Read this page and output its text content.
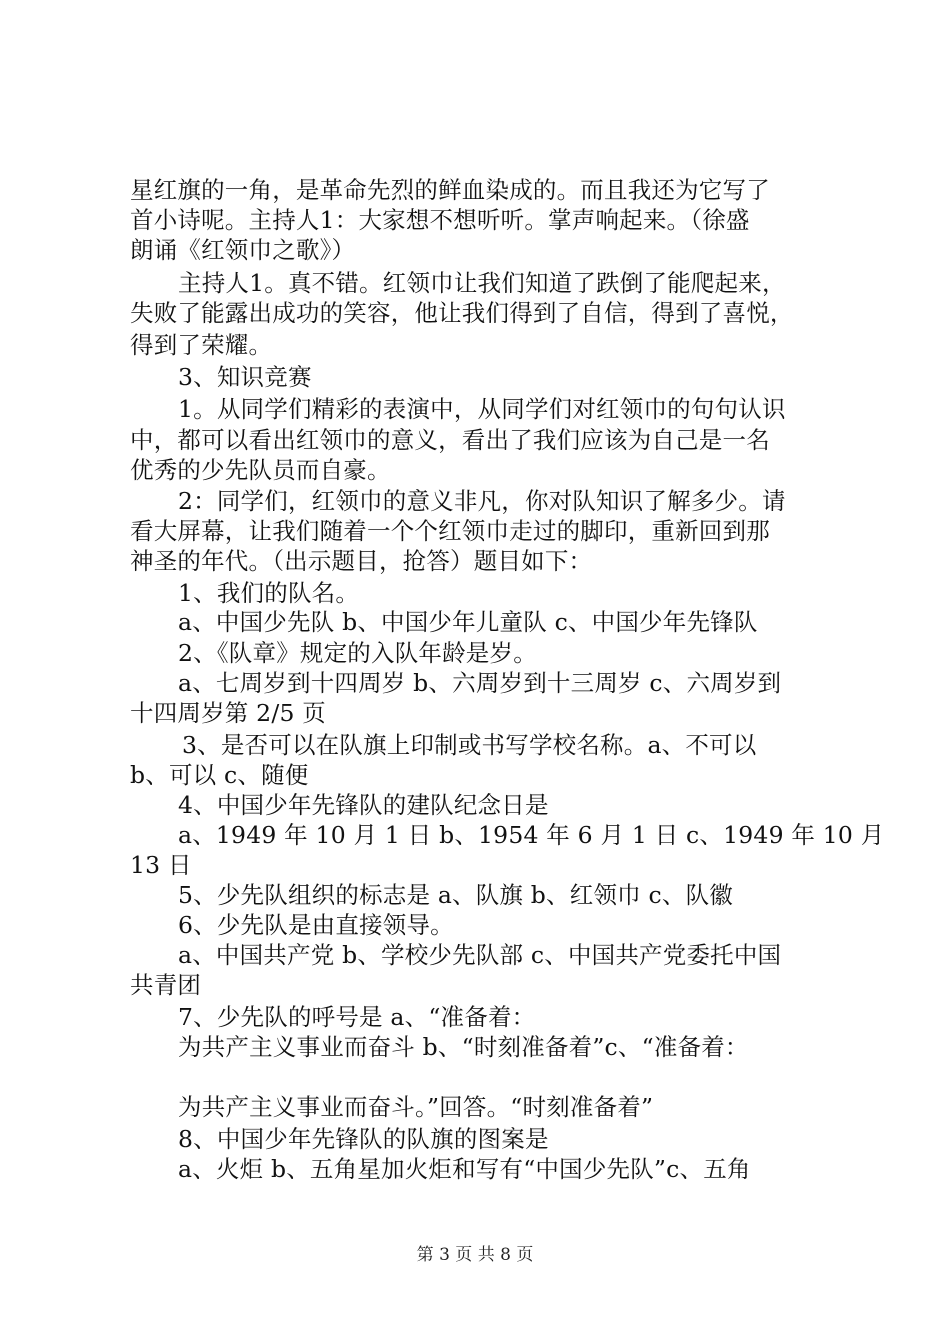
星红旗的一角，是革命先烈的鲜血染成的。而且我还为它写了
首小诗呢。主持人1：大家想不想听听。掌声响起来。（徐盛
朗诵《红领巾之歌》）
主持人1。真不错。红领巾让我们知道了跌倒了能爬起来，
失败了能露出成功的笑容，他让我们得到了自信，得到了喜悦，
得到了荣耀。
3、知识竞赛
1。从同学们精彩的表演中，从同学们对红领巾的句句认识
中，都可以看出红领巾的意义，看出了我们应该为自己是一名
优秀的少先队员而自豪。
2：同学们，红领巾的意义非凡，你对队知识了解多少。请
看大屏幕，让我们随着一个个红领巾走过的脚印，重新回到那
神圣的年代。（出示题目，抢答）题目如下：
1、我们的队名。
a、中国少先队 b、中国少年儿童队 c、中国少年先锋队
2、《队章》规定的入队年龄是岁。
a、七周岁到十四周岁 b、六周岁到十三周岁 c、六周岁到
十四周岁第 2/5 页
3、是否可以在队旗上印制或书写学校名称。a、不可以
b、可以 c、随便
4、中国少年先锋队的建队纪念日是
a、1949 年 10 月 1 日 b、1954 年 6 月 1 日 c、1949 年 10 月
13 日
5、少先队组织的标志是 a、队旗 b、红领巾 c、队徽
6、少先队是由直接领导。
a、中国共产党 b、学校少先队部 c、中国共产党委托中国
共青团
7、少先队的呼号是 a、“准备着：
为共产主义事业而奋斗 b、“时刻准备着”c、“准备着：
为共产主义事业而奋斗。”回答。“时刻准备着”
8、中国少年先锋队的队旗的图案是
a、火炬 b、五角星加火炬和写有“中国少先队”c、五角
第 3 页 共 8 页
